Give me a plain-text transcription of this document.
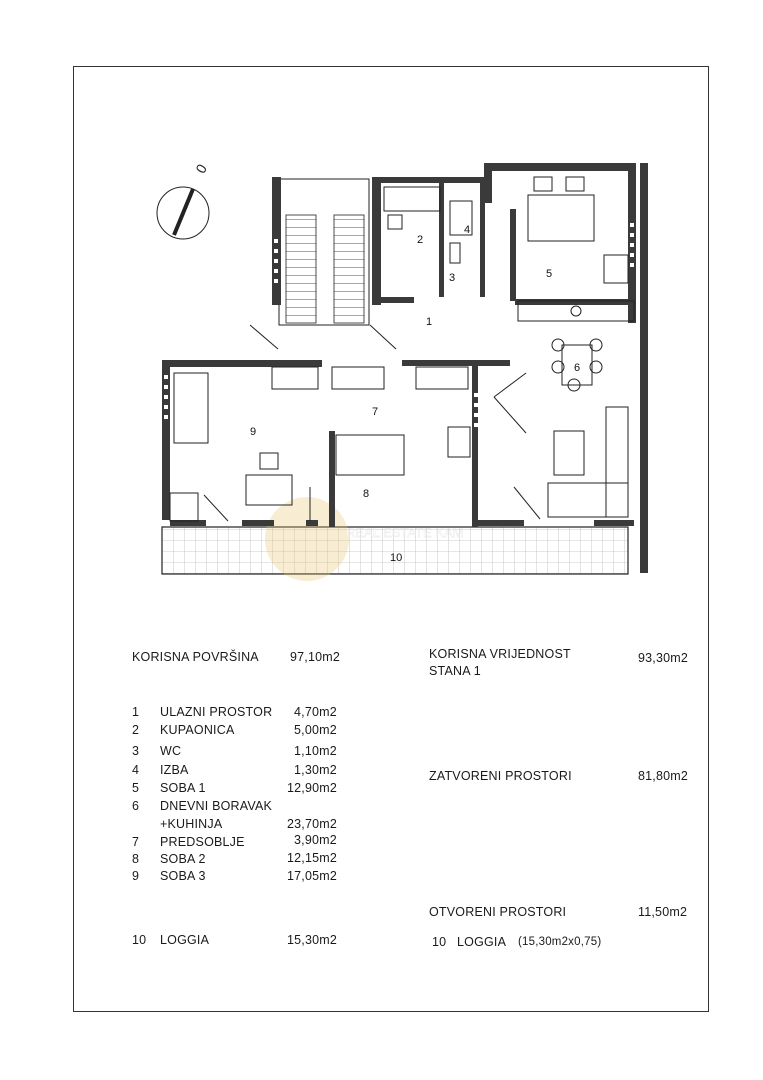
0
REAL ESTATE KAM
1
2
3
4
5
6
7
8
9
10
KORISNA POVRŠINA 97,10m2
1 ULAZNI PROSTOR 4,70m2
2 KUPAONICA	5,00m2
3 WC	1,10m2
4 IZBA	1,30m2
5 SOBA 1	12,90m2
6 DNEVNI BORAVAK
+KUHINJA	23,70m2
7 PREDSOBLJE	3,90m2
8 SOBA 2	12,15m2
9 SOBA 3	17,05m2
10 LOGGIA	15,30m2
KORISNA VRIJEDNOST
STANA 1
93,30m2
ZATVORENI PROSTORI	81,80m2
OTVORENI PROSTORI	11,50m2
10 LOGGIA (15,30m2x0,75)
